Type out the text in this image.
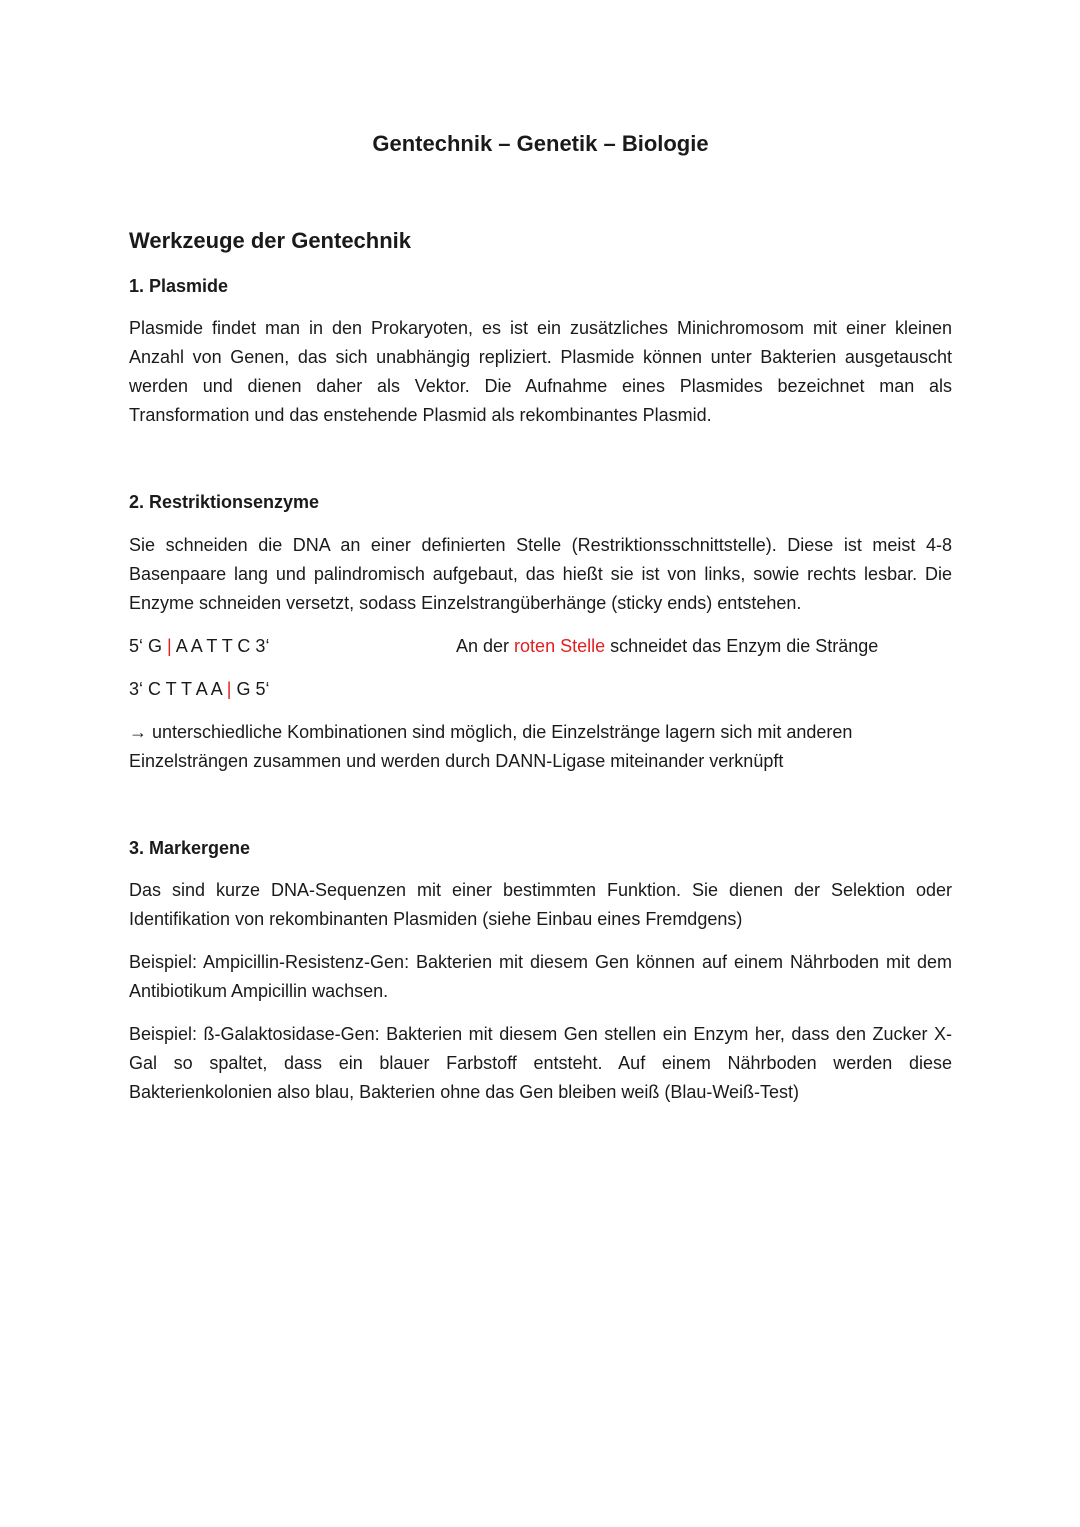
Gentechnik – Genetik – Biologie
Werkzeuge der Gentechnik
1. Plasmide

Plasmide findet man in den Prokaryoten, es ist ein zusätzliches Minichromosom mit einer kleinen Anzahl von Genen, das sich unabhängig repliziert. Plasmide können unter Bakterien ausgetauscht werden und dienen daher als Vektor. Die Aufnahme eines Plasmides bezeichnet man als Transformation und das enstehende Plasmid als rekombinantes Plasmid.

2. Restriktionsenzyme

Sie schneiden die DNA an einer definierten Stelle (Restriktionsschnittstelle). Diese ist meist 4-8 Basenpaare lang und palindromisch aufgebaut, das hießt sie ist von links, sowie rechts lesbar. Die Enzyme schneiden versetzt, sodass Einzelstrangüberhänge (sticky ends) entstehen.

5‘ G | A A T T C 3‘	An der roten Stelle schneidet das Enzym die Stränge

3‘ C T T A A | G 5‘

→ unterschiedliche Kombinationen sind möglich, die Einzelstränge lagern sich mit anderen Einzelsträngen zusammen und werden durch DANN-Ligase miteinander verknüpft

3. Markergene

Das sind kurze DNA-Sequenzen mit einer bestimmten Funktion. Sie dienen der Selektion oder Identifikation von rekombinanten Plasmiden (siehe Einbau eines Fremdgens)

Beispiel: Ampicillin-Resistenz-Gen: Bakterien mit diesem Gen können auf einem Nährboden mit dem Antibiotikum Ampicillin wachsen.

Beispiel: ß-Galaktosidase-Gen: Bakterien mit diesem Gen stellen ein Enzym her, dass den Zucker X-Gal so spaltet, dass ein blauer Farbstoff entsteht. Auf einem Nährboden werden diese Bakterienkolonien also blau, Bakterien ohne das Gen bleiben weiß (Blau-Weiß-Test)
